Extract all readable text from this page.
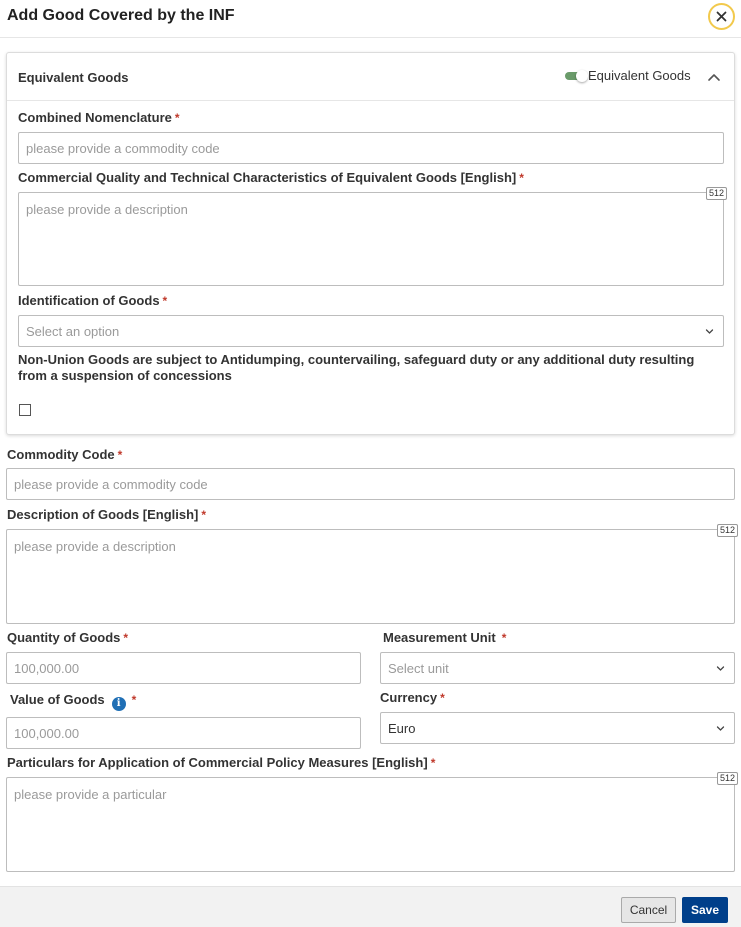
Add Good Covered by the INF
Equivalent Goods	Equivalent Goods
Combined Nomenclature *
please provide a commodity code
Commercial Quality and Technical Characteristics of Equivalent Goods [English] *
please provide a description
512
Identification of Goods *
Select an option
Non-Union Goods are subject to Antidumping, countervailing, safeguard duty or any additional duty resulting from a suspension of concessions
Commodity Code *
please provide a commodity code
Description of Goods [English] *
please provide a description
512
Quantity of Goods *
100,000.00
Measurement Unit *
Select unit
Value of Goods i *
100,000.00
Currency *
Euro
Particulars for Application of Commercial Policy Measures [English] *
please provide a particular
512
Cancel	Save
